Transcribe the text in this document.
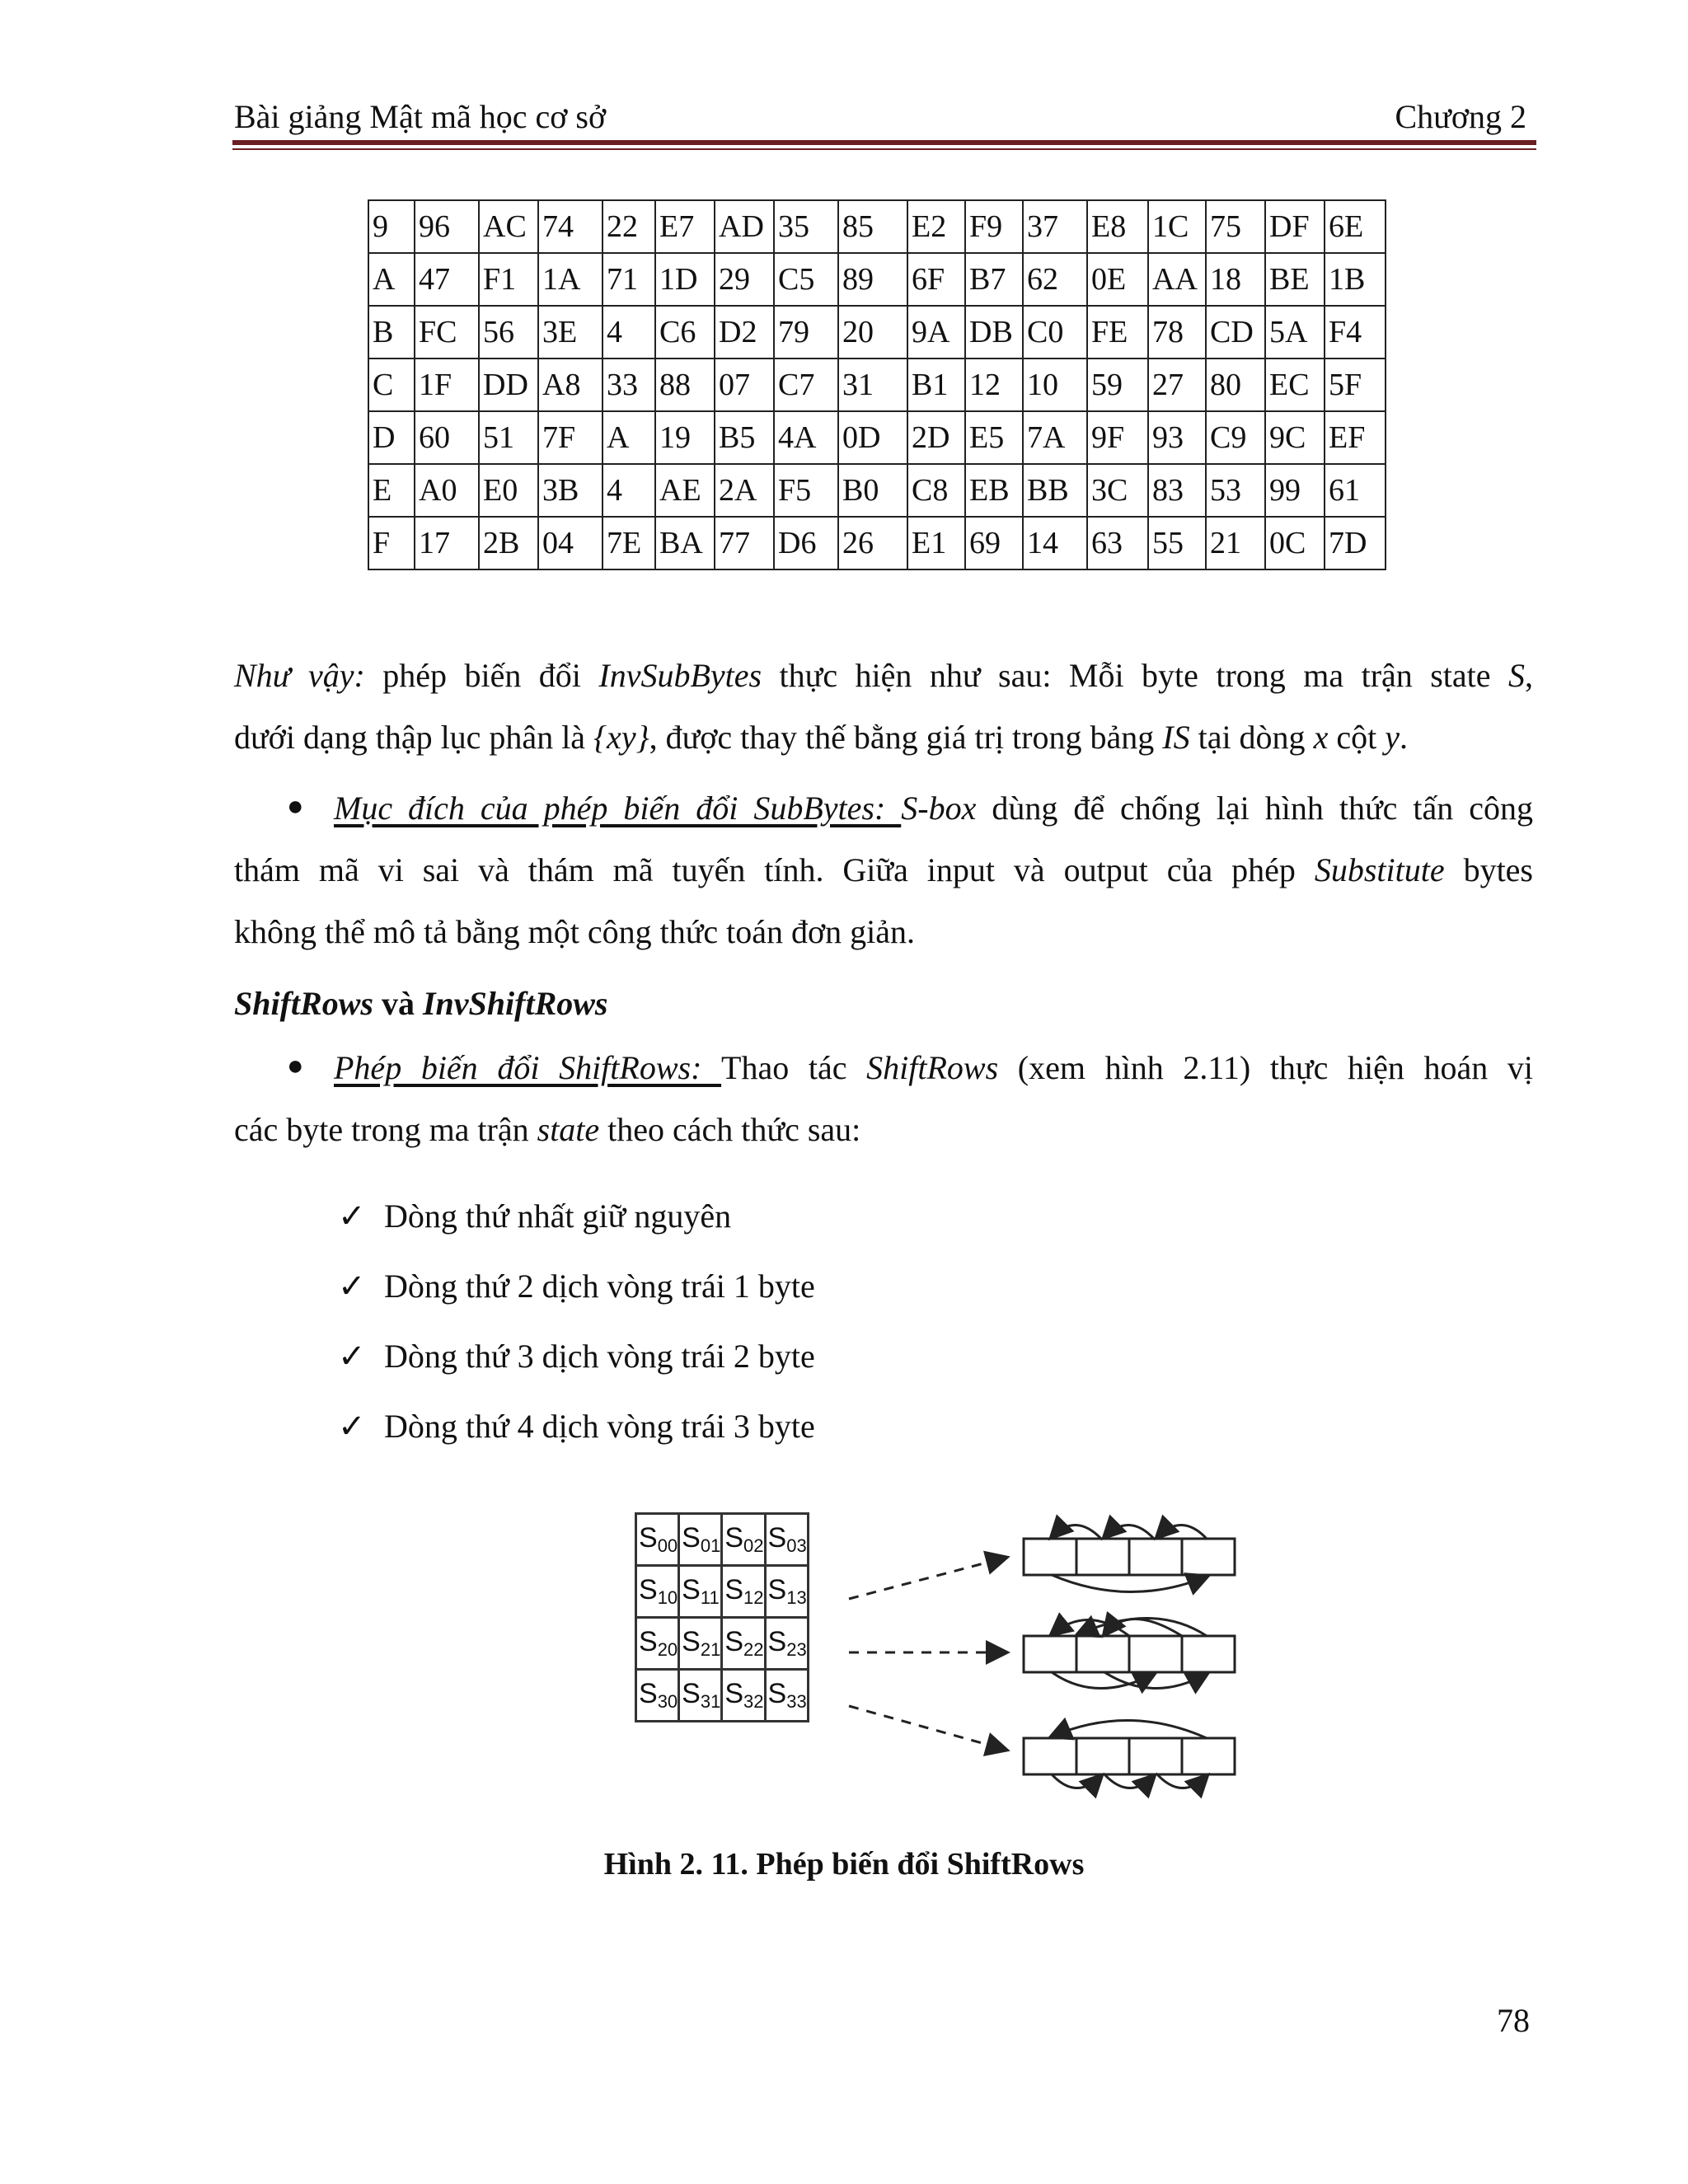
Bài giảng Mật mã học cơ sở	Chương 2
9	96	AC	74	22	E7	AD	35	85	E2	F9	37	E8	1C	75	DF	6E
A	47	F1	1A	71	1D	29	C5	89	6F	B7	62	0E	AA	18	BE	1B
B	FC	56	3E	4	C6	D2	79	20	9A	DB	C0	FE	78	CD	5A	F4
C	1F	DD	A8	33	88	07	C7	31	B1	12	10	59	27	80	EC	5F
D	60	51	7F	A	19	B5	4A	0D	2D	E5	7A	9F	93	C9	9C	EF
E	A0	E0	3B	4	AE	2A	F5	B0	C8	EB	BB	3C	83	53	99	61
F	17	2B	04	7E	BA	77	D6	26	E1	69	14	63	55	21	0C	7D
Như vậy: phép biến đổi InvSubBytes thực hiện như sau: Mỗi byte trong ma trận state S,
dưới dạng thập lục phân là {xy}, được thay thế bằng giá trị trong bảng IS tại dòng x cột y.
● Mục đích của phép biến đổi SubBytes: S-box dùng để chống lại hình thức tấn công
thám mã vi sai và thám mã tuyến tính. Giữa input và output của phép Substitute bytes
không thể mô tả bằng một công thức toán đơn giản.
ShiftRows và InvShiftRows
● Phép biến đổi ShiftRows: Thao tác ShiftRows (xem hình 2.11) thực hiện hoán vị
các byte trong ma trận state theo cách thức sau:
✓ Dòng thứ nhất giữ nguyên
✓ Dòng thứ 2 dịch vòng trái 1 byte
✓ Dòng thứ 3 dịch vòng trái 2 byte
✓ Dòng thứ 4 dịch vòng trái 3 byte
$S_{00}$	$S_{01}$	$S_{02}$	$S_{03}$
$S_{10}$	$S_{11}$	$S_{12}$	$S_{13}$
$S_{20}$	$S_{21}$	$S_{22}$	$S_{23}$
$S_{30}$	$S_{31}$	$S_{32}$	$S_{33}$
Hình 2. 11. Phép biến đổi ShiftRows
78
